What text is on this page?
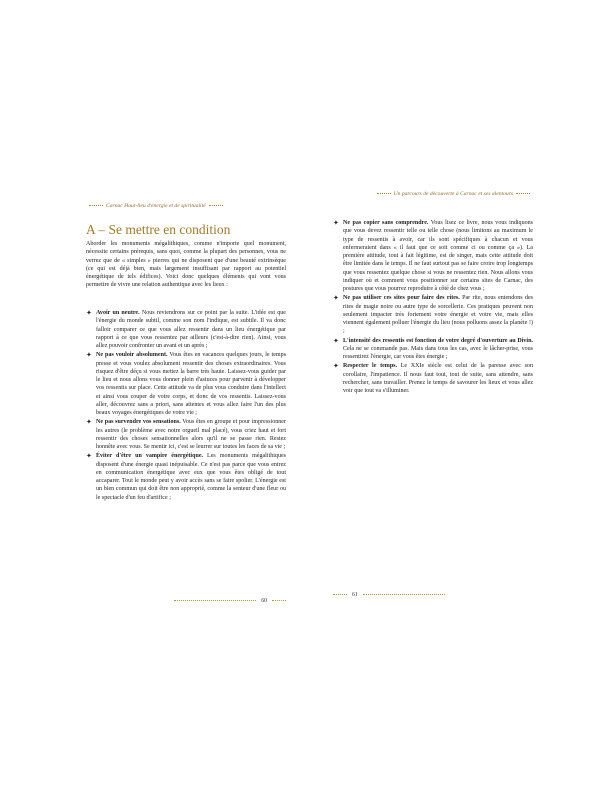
Carnac Haut-lieu d'énergie et de spiritualité
A – Se mettre en condition
Aborder les monuments mégalithiques, comme n'importe quel monument, nécessite certains prérequis, sans quoi, comme la plupart des personnes, vous ne verrez que de « simples » pierres qui ne disposent que d'une beauté extrinsèque (ce qui est déjà bien, mais largement insuffisant par rapport au potentiel énergétique de tels édifices). Voici donc quelques éléments qui vont vous permettre de vivre une relation authentique avec les lieux :
✦ Avoir un neutre. Nous reviendrons sur ce point par la suite. L'idée est que l'énergie du monde subtil, comme son nom l'indique, est subtile. Il va donc falloir comparer ce que vous allez ressentir dans un lieu énergétique par rapport à ce que vous ressentez par ailleurs (c'est-à-dire rien). Ainsi, vous allez pouvoir confronter un avant et un après ;
✦ Ne pas vouloir absolument. Vous êtes en vacances quelques jours, le temps presse et vous voulez absolument ressentir des choses extraordinaires. Vous risquez d'être déçu si vous mettez la barre très haute. Laissez-vous guider par le lieu et nous allons vous donner plein d'astuces pour parvenir à développer vos ressentis sur place. Cette attitude va de plus vous conduire dans l'intellect et ainsi vous couper de votre corps, et donc de vos ressentis. Laissez-vous aller, découvrez sans a priori, sans attentes et vous allez faire l'un des plus beaux voyages énergétiques de votre vie ;
✦ Ne pas survendre vos sensations. Vous êtes en groupe et pour impressionner les autres (le problème avec notre orgueil mal placé), vous criez haut et fort ressentir des choses sensationnelles alors qu'il ne se passe rien. Restez honnête avec vous. Se mentir ici, c'est se leurrer sur toutes les faces de sa vie ;
✦ Éviter d'être un vampire énergétique. Les monuments mégalithiques disposent d'une énergie quasi inépuisable. Ce n'est pas parce que vous entrez en communication énergétique avec eux que vous êtes obligé de tout accaparer. Tout le monde peut y avoir accès sans se faire spolier. L'énergie est un bien commun qui doit être non approprié, comme la senteur d'une fleur ou le spectacle d'un feu d'artifice ;
60
Un parcours de découverte à Carnac et ses alentours
✦ Ne pas copier sans comprendre. Vous lisez ce livre, nous vous indiquons que vous devez ressentir telle ou telle chose (nous limitons au maximum le type de ressentis à avoir, car ils sont spécifiques à chacun et vous enfermeraient dans « il faut que ce soit comme ci ou comme ça »). La première attitude, tout à fait légitime, est de singer, mais cette attitude doit être limitée dans le temps. Il ne faut surtout pas se faire croire trop longtemps que vous ressentez quelque chose si vous ne ressentez rien. Nous allons vous indiquer où et comment vous positionner sur certains sites de Carnac, des postures que vous pourrez reproduire à côté de chez vous ;
✦ Ne pas utiliser ces sites pour faire des rites. Par rite, nous entendons des rites de magie noire ou autre type de sorcellerie. Ces pratiques peuvent non seulement impacter très fortement votre énergie et votre vie, mais elles viennent également polluer l'énergie du lieu (nous polluons assez la planète !) ;
✦ L'intensité des ressentis est fonction de votre degré d'ouverture au Divin. Cela ne se commande pas. Mais dans tous les cas, avec le lâcher-prise, vous ressentirez l'énergie, car vous êtes énergie ;
✦ Respecter le temps. Le XXIe siècle est celui de la paresse avec son corollaire, l'impatience. Il nous faut tout, tout de suite, sans attendre, sans rechercher, sans travailler. Prenez le temps de savourer les lieux et vous allez voir que tout va s'illuminer.
61
